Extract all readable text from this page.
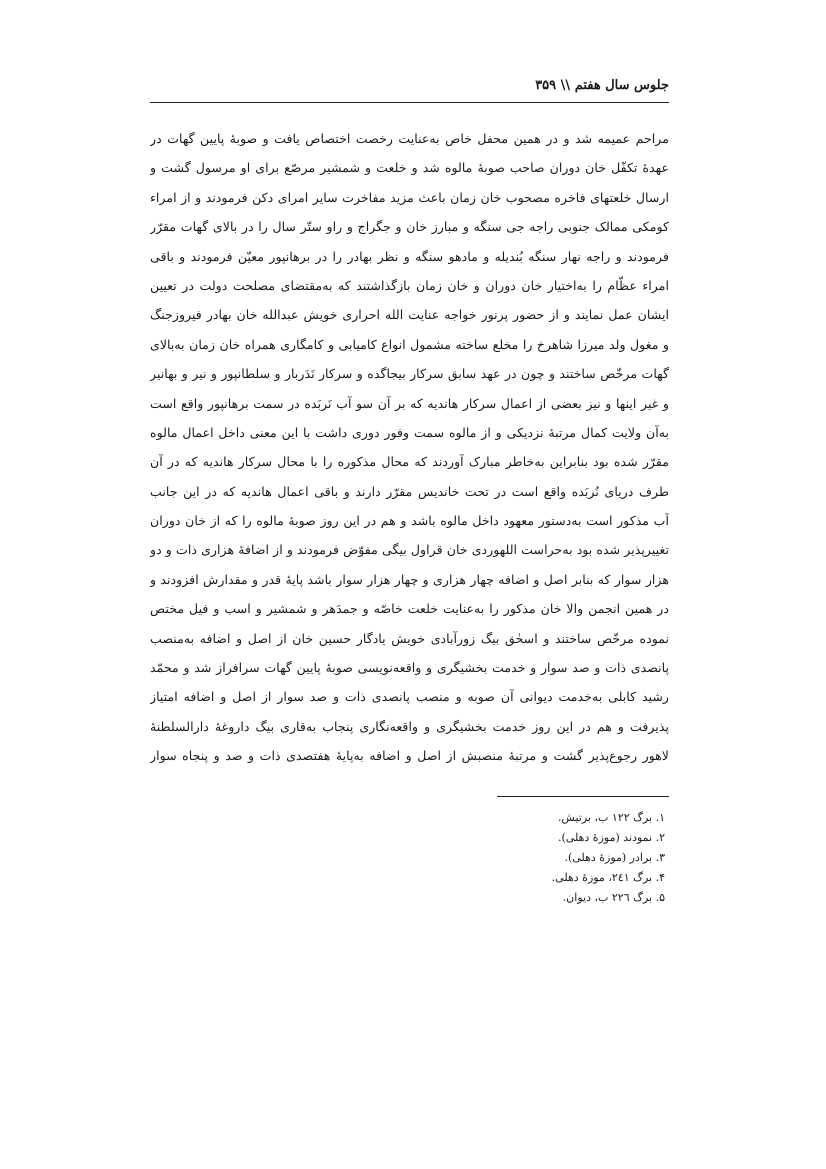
جلوس سال هفتم \\ ۳۵۹
مراحم عمیمه شد و در همین محفل خاص به‌عنایت رخصت اختصاص یافت و صوبهٔ پایین گهات در
عهدهٔ تکفّل خان دوران صاحب صوبهٔ مالوه شد و خلعت و شمشیر مرصّع برای او مرسول گشت و
ارسال خلعتهای فاخره مصحوب خان زمان باعث مزید مفاخرت سایر امرای دکن فرمودند و از امراء
کومکی ممالک جنوبی راجه جی سنگه و مبارز خان و جگراج و راو ستّر سال را در بالای گهات مقرّر
فرمودند و راجه نهار سنگه بُندیله و مادهو سنگه و نظر بهادر را در برهانپور معیّن فرمودند و باقی
امراء عظّام را به‌اختیار خان دوران و خان زمان بازگذاشتند که به‌مقتضای مصلحت دولت در تعیین
ایشان عمل نمایند و از حضور پرنور خواجه عنایت الله احراری خویش عبدالله خان بهادر فیروزجنگ
و مغول ولد میرزا شاهرخ را مخلع ساخته مشمول انواع کامیابی و کامگاری همراه خان زمان به‌بالای
گهات مرخّص ساختند و چون در عهد سابق سرکار بیجاگده و سرکار نَدَربار و سلطانپور و نیر و بهانیر
و غیر اینها و نیز بعضی از اعمال سرکار هاندیه که بر آن سو آب نَربَده در سمت برهانپور واقع است
به‌آن ولایت کمال مرتبهٔ نزدیکی و از مالوه سمت وفور دوری داشت با این معنی داخل اعمال مالوه
مقرّر شده بود بنابراین به‌خاطر مبارک آوردند که محال مذکوره را با محال سرکار هاندیه که در آن
طرف دریای نُربَده واقع است در تحت خاندیس مقرّر دارند و باقی اعمال هاندیه که در این جانب
آب مذکور است به‌دستور معهود داخل مالوه باشد و هم در این روز صوبهٔ مالوه را که از خان دوران
تغییرپذیر شده بود به‌حراست اللهوردی خان قراول بیگی مفوّض فرمودند و از اضافهٔ هزاری ذات و دو
هزار سوار که بنابر اصل و اضافه چهار هزاری و چهار هزار سوار باشد پایهٔ قدر و مقدارش افزودند و
در همین انجمن والا خان مذکور را به‌عنایت خلعت خاصّه و جمدَهر و شمشیر و اسب و فیل مختص
نموده مرخّص ساختند و اسحٰق بیگ زورآبادی خویش یادگار حسین خان از اصل و اضافه به‌منصب
پانصدی ذات و صد سوار و خدمت بخشیگری و واقعه‌نویسی صوبهٔ پایین گهات سرافراز شد و محمّد
رشید کابلی به‌خدمت دیوانی آن صوبه و منصب پانصدی ذات و صد سوار از اصل و اضافه امتیاز
پذیرفت و هم در این روز خدمت بخشیگری و واقعه‌نگاری پنجاب به‌قاری بیگ داروغهٔ دارالسلطنهٔ
لاهور رجوع‌پذیر گشت و مرتبهٔ منصبش از اصل و اضافه به‌پایهٔ هفتصدی ذات و صد و پنجاه سوار
۱. برگ ۱۲۲ ب، برتیش.
۲. نمودند (موزهٔ دهلی).
۳. برادر (موزهٔ دهلی).
۴. برگ ۲٤۱، موزهٔ دهلی.
۵. برگ ۲۲٦ ب، دیوان.
